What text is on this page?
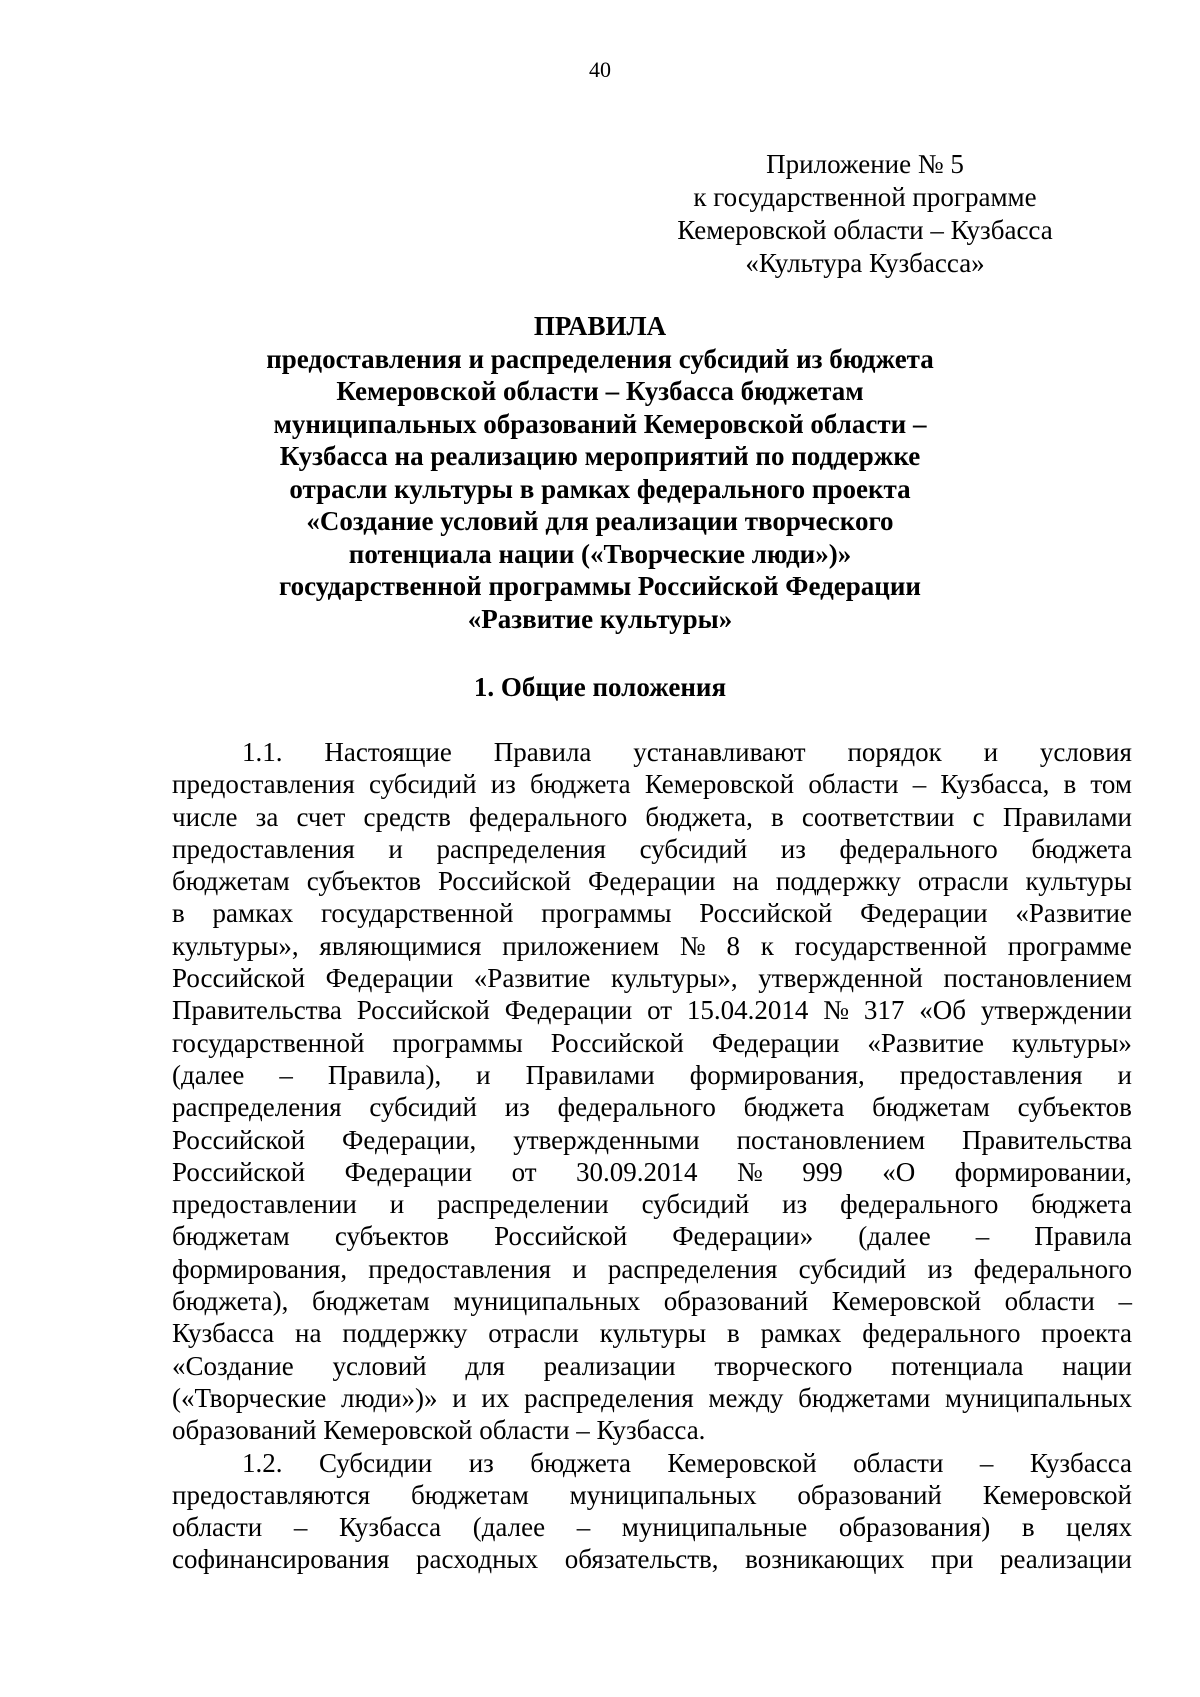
40
Приложение № 5
к государственной программе
Кемеровской области – Кузбасса
«Культура Кузбасса»
ПРАВИЛА
предоставления и распределения субсидий из бюджета
Кемеровской области – Кузбасса бюджетам
муниципальных образований Кемеровской области –
Кузбасса на реализацию мероприятий по поддержке
отрасли культуры в рамках федерального проекта
«Создание условий для реализации творческого
потенциала нации («Творческие люди»)»
государственной программы Российской Федерации
«Развитие культуры»
1. Общие положения
1.1. Настоящие Правила устанавливают порядок и условия
предоставления субсидий из бюджета Кемеровской области – Кузбасса, в том
числе за счет средств федерального бюджета, в соответствии с Правилами
предоставления и распределения субсидий из федерального бюджета
бюджетам субъектов Российской Федерации на поддержку отрасли культуры
в рамках государственной программы Российской Федерации «Развитие
культуры», являющимися приложением № 8 к государственной программе
Российской Федерации «Развитие культуры», утвержденной постановлением
Правительства Российской Федерации от 15.04.2014 № 317 «Об утверждении
государственной программы Российской Федерации «Развитие культуры»
(далее – Правила), и Правилами формирования, предоставления и
распределения субсидий из федерального бюджета бюджетам субъектов
Российской Федерации, утвержденными постановлением Правительства
Российской Федерации от 30.09.2014 № 999 «О формировании,
предоставлении и распределении субсидий из федерального бюджета
бюджетам субъектов Российской Федерации» (далее – Правила
формирования, предоставления и распределения субсидий из федерального
бюджета), бюджетам муниципальных образований Кемеровской области –
Кузбасса на поддержку отрасли культуры в рамках федерального проекта
«Создание условий для реализации творческого потенциала нации
(«Творческие люди»)» и их распределения между бюджетами муниципальных
образований Кемеровской области – Кузбасса.
1.2. Субсидии из бюджета Кемеровской области – Кузбасса
предоставляются бюджетам муниципальных образований Кемеровской
области – Кузбасса (далее – муниципальные образования) в целях
софинансирования расходных обязательств, возникающих при реализации
